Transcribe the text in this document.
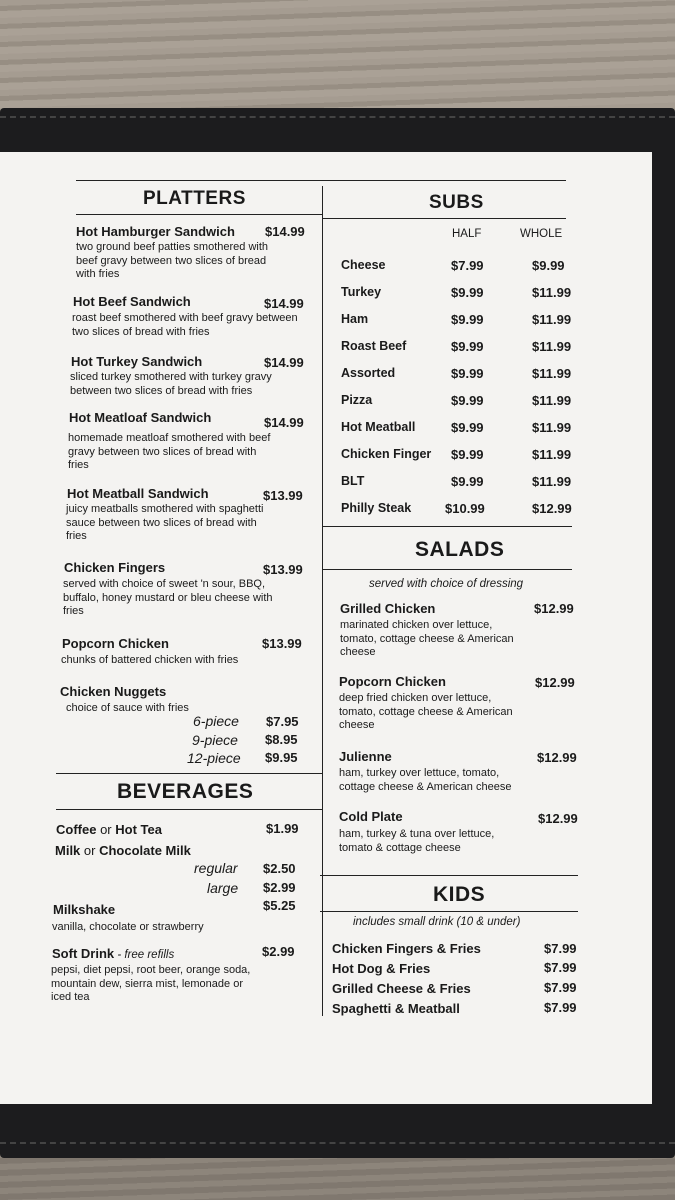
PLATTERS
Hot Hamburger Sandwich $14.99
two ground beef patties smothered with beef gravy between two slices of bread with fries
Hot Beef Sandwich	$14.99
roast beef smothered with beef gravy between two slices of bread with fries
Hot Turkey Sandwich	$14.99
sliced turkey smothered with turkey gravy between two slices of bread with fries
Hot Meatloaf Sandwich	$14.99
homemade meatloaf smothered with beef gravy between two slices of bread with fries
Hot Meatball Sandwich	$13.99
juicy meatballs smothered with spaghetti sauce between two slices of bread with fries
Chicken Fingers	$13.99
served with choice of sweet 'n sour, BBQ, buffalo, honey mustard or bleu cheese with fries
Popcorn Chicken	$13.99
chunks of battered chicken with fries
Chicken Nuggets
choice of sauce with fries
6-piece $7.95
9-piece $8.95
12-piece $9.95
BEVERAGES
Coffee or Hot Tea	$1.99
Milk or Chocolate Milk
regular $2.50
large $2.99
Milkshake	$5.25
vanilla, chocolate or strawberry
Soft Drink - free refills	$2.99
pepsi, diet pepsi, root beer, orange soda, mountain dew, sierra mist, lemonade or iced tea
SUBS
HALF	WHOLE
Cheese	$7.99	$9.99
Turkey	$9.99	$11.99
Ham	$9.99	$11.99
Roast Beef	$9.99	$11.99
Assorted	$9.99	$11.99
Pizza	$9.99	$11.99
Hot Meatball	$9.99	$11.99
Chicken Finger $9.99	$11.99
BLT	$9.99	$11.99
Philly Steak	$10.99	$12.99
SALADS
served with choice of dressing
Grilled Chicken	$12.99
marinated chicken over lettuce, tomato, cottage cheese & American cheese
Popcorn Chicken	$12.99
deep fried chicken over lettuce, tomato, cottage cheese & American cheese
Julienne	$12.99
ham, turkey over lettuce, tomato, cottage cheese & American cheese
Cold Plate	$12.99
ham, turkey & tuna over lettuce, tomato & cottage cheese
KIDS
includes small drink (10 & under)
Chicken Fingers & Fries	$7.99
Hot Dog & Fries	$7.99
Grilled Cheese & Fries	$7.99
Spaghetti & Meatball	$7.99
